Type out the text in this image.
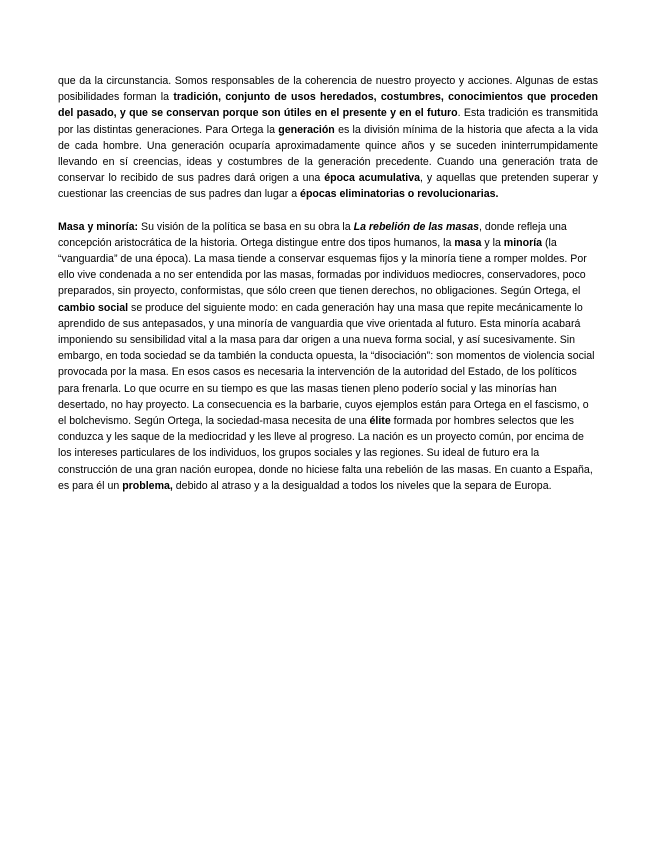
que da la circunstancia. Somos responsables de la coherencia de nuestro proyecto y acciones. Algunas de estas posibilidades forman la tradición, conjunto de usos heredados, costumbres, conocimientos que proceden del pasado, y que se conservan porque son útiles en el presente y en el futuro. Esta tradición es transmitida por las distintas generaciones. Para Ortega la generación es la división mínima de la historia que afecta a la vida de cada hombre. Una generación ocuparía aproximadamente quince años y se suceden ininterrumpidamente llevando en sí creencias, ideas y costumbres de la generación precedente. Cuando una generación trata de conservar lo recibido de sus padres dará origen a una época acumulativa, y aquellas que pretenden superar y cuestionar las creencias de sus padres dan lugar a épocas eliminatorias o revolucionarias.

Masa y minoría: Su visión de la política se basa en su obra la La rebelión de las masas, donde refleja una concepción aristocrática de la historia. Ortega distingue entre dos tipos humanos, la masa y la minoría (la “vanguardia” de una época). La masa tiende a conservar esquemas fijos y la minoría tiene a romper moldes. Por ello vive condenada a no ser entendida por las masas, formadas por individuos mediocres, conservadores, poco preparados, sin proyecto, conformistas, que sólo creen que tienen derechos, no obligaciones. Según Ortega, el cambio social se produce del siguiente modo: en cada generación hay una masa que repite mecánicamente lo aprendido de sus antepasados, y una minoría de vanguardia que vive orientada al futuro. Esta minoría acabará imponiendo su sensibilidad vital a la masa para dar origen a una nueva forma social, y así sucesivamente. Sin embargo, en toda sociedad se da también la conducta opuesta, la “disociación”: son momentos de violencia social provocada por la masa. En esos casos es necesaria la intervención de la autoridad del Estado, de los políticos para frenarla. Lo que ocurre en su tiempo es que las masas tienen pleno poderío social y las minorías han desertado, no hay proyecto. La consecuencia es la barbarie, cuyos ejemplos están para Ortega en el fascismo, o el bolchevismo. Según Ortega, la sociedad-masa necesita de una élite formada por hombres selectos que les conduzca y les saque de la mediocridad y les lleve al progreso. La nación es un proyecto común, por encima de los intereses particulares de los individuos, los grupos sociales y las regiones. Su ideal de futuro era la construcción de una gran nación europea, donde no hiciese falta una rebelión de las masas. En cuanto a España, es para él un problema, debido al atraso y a la desigualdad a todos los niveles que la separa de Europa.
